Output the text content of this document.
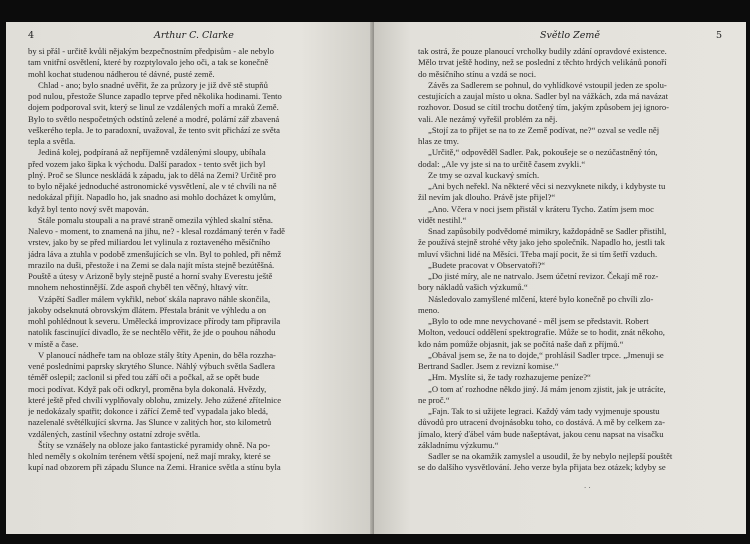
4	Arthur C. Clarke
by si přál - určitě kvůli nějakým bezpečnostním předpisům - ale nebylo
tam vnitřní osvětlení, které by rozptylovalo jeho oči, a tak se konečně
mohl kochat studenou nádherou té dávné, pusté země.
Chlad - ano; bylo snadné uvěřit, že za průzory je již dvě stě stupňů
pod nulou, přestože Slunce zapadlo teprve před několika hodinami. Tento
dojem podporoval svit, který se linul ze vzdálených moří a mraků Země.
Bylo to světlo nespočetných odstínů zelené a modré, polární zář zbavená
veškerého tepla. Je to paradoxní, uvažoval, že tento svit přichází ze světa
tepla a světla.
Jediná kolej, podpíraná až nepříjemně vzdálenými sloupy, ubíhala
před vozem jako šipka k východu. Další paradox - tento svět jich byl
plný. Proč se Slunce neskládá k západu, jak to dělá na Zemi? Určitě pro
to bylo nějaké jednoduché astronomické vysvětlení, ale v té chvíli na ně
nedokázal přijít. Napadlo ho, jak snadno asi mohlo docházet k omylům,
když byl tento nový svět mapován.
Stále pomalu stoupali a na pravé straně omezila výhled skalní stěna.
Nalevo - moment, to znamená na jihu, ne? - klesal rozdámaný terén v řadě
vrstev, jako by se před miliardou let vylinula z roztaveného měsíčního
jádra láva a ztuhla v podobě zmenšujících se vln. Byl to pohled, při němž
mrazilo na duši, přestože i na Zemi se dala najít místa stejně bezútěšná.
Pouště a útesy v Arizoně byly stejně pusté a horní svahy Everestu ještě
mnohem nehostinnější. Zde aspoň chyběl ten věčný, hltavý vítr.
Vzápětí Sadler málem vykřikl, neboť skála napravo náhle skončila,
jakoby odseknutá obrovským dlátem. Přestala bránit ve výhledu a on
mohl pohlédnout k severu. Umělecká improvizace přírody tam připravila
natolik fascinující divadlo, že se nechtělo věřit, že jde o pouhou náhodu
v místě a čase.
V planoucí nádheře tam na obloze stály štíty Apenin, do běla rozzha-
vené posledními paprsky skrytého Slunce. Náhlý výbuch světla Sadlera
téměř oslepil; zaclonil si před tou září oči a počkal, až se opět bude
moci podívat. Když pak oči odkryl, proměna byla dokonalá. Hvězdy,
které ještě před chvílí vyplňovaly oblohu, zmizely. Jeho zúžené zřítelnice
je nedokázaly spatřit; dokonce i zářící Země teď vypadala jako bledá,
nazelenalé světélkující skvrna. Jas Slunce v zalitých hor, sto kilometrů
vzdálených, zastínil všechny ostatní zdroje světla.
Štíty se vznášely na obloze jako fantastické pyramidy ohně. Na po-
hled neměly s okolním terénem větší spojení, než mají mraky, které se
kupí nad obzorem při západu Slunce na Zemi. Hranice světla a stínu byla
Světlo Země	5
tak ostrá, že pouze planoucí vrcholky budily zdání opravdové existence.
Mělo trvat ještě hodiny, než se poslední z těchto hrdých velikánů ponoří
do měsíčního stínu a vzdá se noci.
Závěs za Sadlerem se pohnul, do vyhlídkové vstoupil jeden ze spolu-
cestujících a zaujal místo u okna. Sadler byl na vážkách, zda má navázat
rozhovor. Dosud se cítil trochu dotčený tím, jakým způsobem jej ignoro-
vali. Ale nezámý vyřešil problém za něj.
„Stojí za to přijet se na to ze Země podívat, ne?“ ozval se vedle něj
hlas ze tmy.
„Určitě,“ odpověděl Sadler. Pak, pokoušeje se o nezúčastněný tón,
dodal: „Ale vy jste si na to určitě časem zvykli.“
Ze tmy se ozval kuckavý smích.
„Ani bych neřekl. Na některé věci si nezvyknete nikdy, i kdybyste tu
žil nevím jak dlouho. Právě jste přijel?“
„Ano. Včera v noci jsem přistál v kráteru Tycho. Zatím jsem moc
vidět nestihl.“
Snad zapůsobily podvědomé mimikry, každopádně se Sadler přistihl,
že používá stejně strohé věty jako jeho společník. Napadlo ho, jestli tak
mluví všichni lidé na Měsíci. Třeba mají pocit, že si tím šetří vzduch.
„Budete pracovat v Observatoři?“
„Do jisté míry, ale ne natrvalo. Jsem účetní revizor. Čekají mě roz-
bory nákladů vašich výzkumů.“
Následovalo zamyšlené mlčení, které bylo konečně po chvíli zlo-
meno.
„Bylo to ode mne nevychované - měl jsem se představit. Robert
Molton, vedoucí oddělení spektrografie. Může se to hodit, znát někoho,
kdo nám pomůže objasnit, jak se počítá naše daň z příjmů.“
„Obával jsem se, že na to dojde,“ prohlásil Sadler trpce. „Jmenuji se
Bertrand Sadler. Jsem z revizní komise.“
„Hm. Myslíte si, že tady rozhazujeme peníze?“
„O tom ať rozhodne někdo jiný. Já mám jenom zjistit, jak je utrácíte,
ne proč.“
„Fajn. Tak to si užijete legraci. Každý vám tady vyjmenuje spoustu
důvodů pro utracení dvojnásobku toho, co dostává. A mě by celkem za-
jímalo, který ďábel vám bude našeptávat, jakou cenu napsat na visačku
základnímu výzkumu.“
Sadler se na okamžik zamyslel a usoudil, že by nebylo nejlepší pouštět
se do dalšího vysvětlování. Jeho verze byla přijata bez otázek; kdyby se
· ·
